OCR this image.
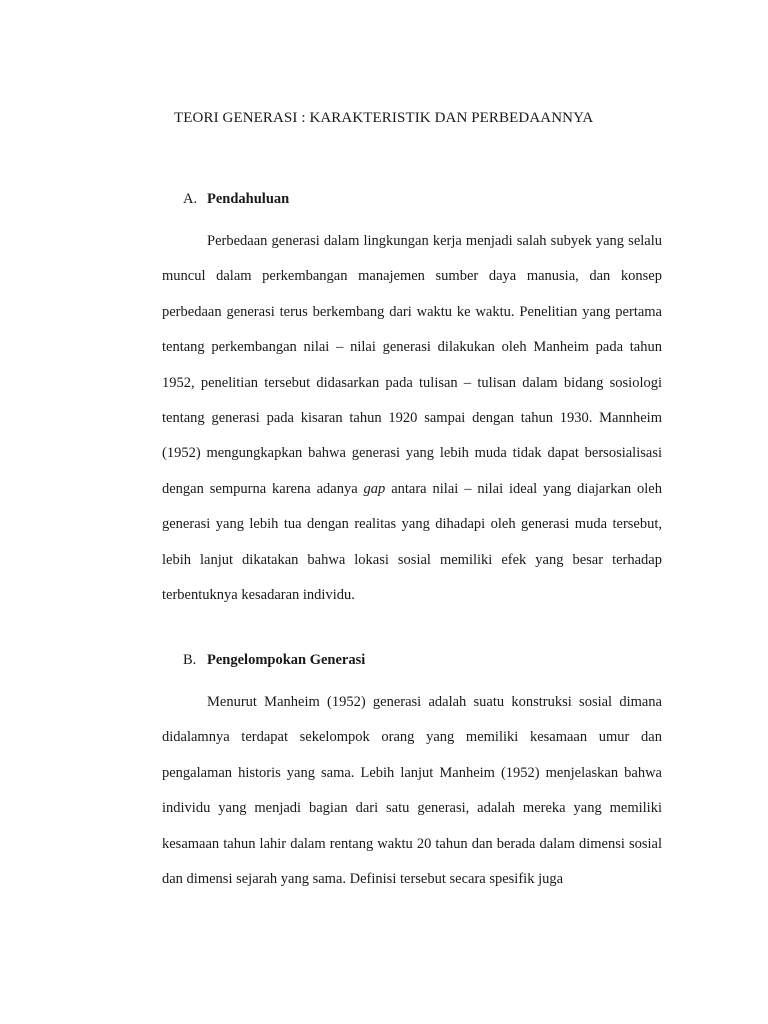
TEORI GENERASI : KARAKTERISTIK DAN PERBEDAANNYA
A. Pendahuluan
Perbedaan generasi dalam lingkungan kerja menjadi salah subyek yang selalu muncul dalam perkembangan manajemen sumber daya manusia, dan konsep perbedaan generasi terus berkembang dari waktu ke waktu. Penelitian yang pertama tentang perkembangan nilai – nilai generasi dilakukan oleh Manheim pada tahun 1952, penelitian tersebut didasarkan pada tulisan – tulisan dalam bidang sosiologi tentang generasi pada kisaran tahun 1920 sampai dengan tahun 1930. Mannheim (1952) mengungkapkan bahwa generasi yang lebih muda tidak dapat bersosialisasi dengan sempurna karena adanya gap antara nilai – nilai ideal yang diajarkan oleh generasi yang lebih tua dengan realitas yang dihadapi oleh generasi muda tersebut, lebih lanjut dikatakan bahwa lokasi sosial memiliki efek yang besar terhadap terbentuknya kesadaran individu.
B. Pengelompokan Generasi
Menurut Manheim (1952) generasi adalah suatu konstruksi sosial dimana didalamnya terdapat sekelompok orang yang memiliki kesamaan umur dan pengalaman historis yang sama. Lebih lanjut Manheim (1952) menjelaskan bahwa individu yang menjadi bagian dari satu generasi, adalah mereka yang memiliki kesamaan tahun lahir dalam rentang waktu 20 tahun dan berada dalam dimensi sosial dan dimensi sejarah yang sama. Definisi tersebut secara spesifik juga
